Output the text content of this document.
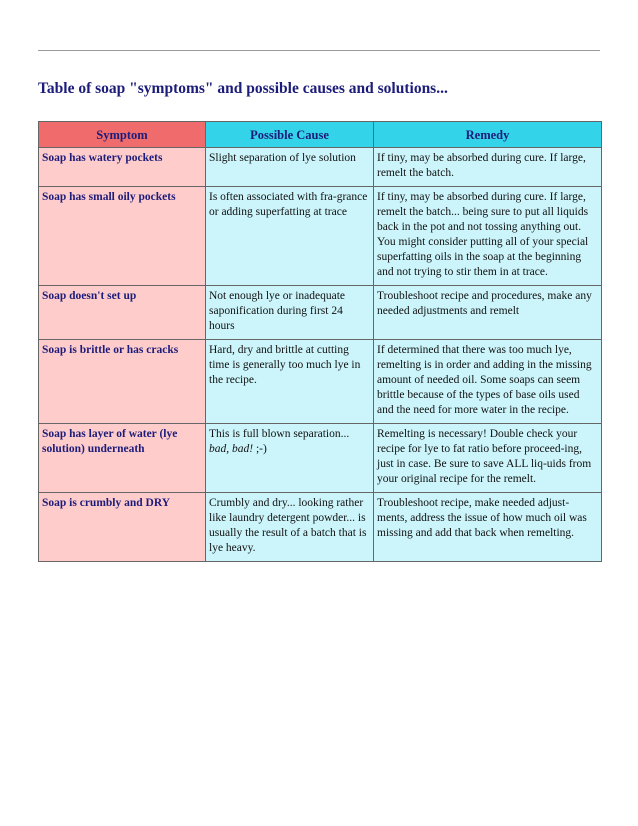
Table of soap "symptoms" and possible causes and solutions...
Symptom	Possible Cause	Remedy
Soap has watery pockets	Slight separation of lye solution	If tiny, may be absorbed during cure. If large, remelt the batch.
Soap has small oily pockets	Is often associated with fra-grance or adding superfatting at trace	If tiny, may be absorbed during cure. If large, remelt the batch... being sure to put all liquids back in the pot and not tossing anything out. You might consider putting all of your special superfatting oils in the soap at the beginning and not trying to stir them in at trace.
Soap doesn't set up	Not enough lye or inadequate saponification during first 24 hours	Troubleshoot recipe and procedures, make any needed adjustments and remelt
Soap is brittle or has cracks	Hard, dry and brittle at cutting time is generally too much lye in the recipe.	If determined that there was too much lye, remelting is in order and adding in the missing amount of needed oil. Some soaps can seem brittle because of the types of base oils used and the need for more water in the recipe.
Soap has layer of water (lye solution) underneath	This is full blown separation... bad, bad! ;-)	Remelting is necessary! Double check your recipe for lye to fat ratio before proceed-ing, just in case. Be sure to save ALL liq-uids from your original recipe for the remelt.
Soap is crumbly and DRY	Crumbly and dry... looking rather like laundry detergent powder... is usually the result of a batch that is lye heavy.	Troubleshoot recipe, make needed adjust-ments, address the issue of how much oil was missing and add that back when remelting.
